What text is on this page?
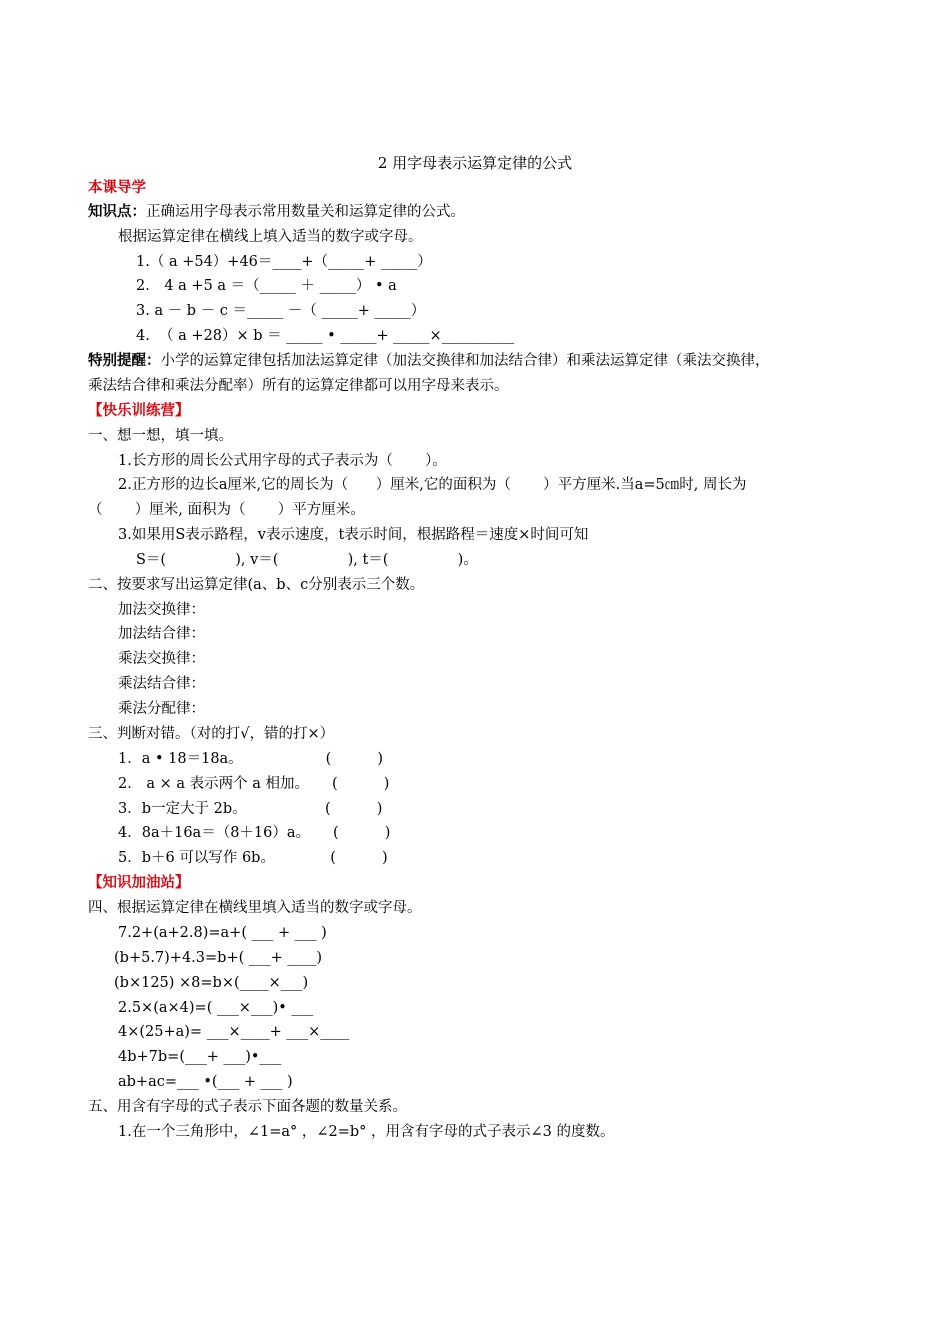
2 用字母表示运算定律的公式
本课导学
知识点：正确运用字母表示常用数量关和运算定律的公式。
根据运算定律在横线上填入适当的数字或字母。
1.（ a +54）+46＝____+（_____+ _____）
2． 4 a +5 a ＝（_____ ＋ _____） • a
3. a － b － c ＝_____ －（ _____+ _____）
4.  （ a +28）× b ＝ _____ • _____+ _____×__________
特别提醒：小学的运算定律包括加法运算定律（加法交换律和加法结合律）和乘法运算定律（乘法交换律，
乘法结合律和乘法分配率）所有的运算定律都可以用字母来表示。
【快乐训练营】
一、想一想，填一填。
1.长方形的周长公式用字母的式子表示为（       ）。
2.正方形的边长a厘米,它的周长为（      ）厘米,它的面积为（       ）平方厘米.当a=5㎝时, 周长为
（       ）厘米, 面积为（       ）平方厘米。
3.如果用S表示路程，v表示速度，t表示时间，根据路程＝速度×时间可知
S＝(               ), v＝(               ), t＝(               )。
二、按要求写出运算定律(a、b、c分别表示三个数。
加法交换律：
加法结合律：
乘法交换律：
乘法结合律：
乘法分配律：
三、判断对错。（对的打√，错的打×）
1．a • 18＝18a。                  (          )
2． a × a 表示两个 a 相加。     (          )
3．b一定大于 2b。                 (          )
4．8a＋16a＝（8＋16）a。     (          )
5．b＋6 可以写作 6b。            (          )
【知识加油站】
四、根据运算定律在横线里填入适当的数字或字母。
7.2+(a+2.8)=a+( ___ + ___ )
(b+5.7)+4.3=b+( ___+ ____)
(b×125) ×8=b×(____×___)
2.5×(a×4)=( ___×___)• ___
4×(25+a)= ___×____+ ___×____
4b+7b=(___+ ___)•___
ab+ac=___ •(___ + ___ )
五、用含有字母的式子表示下面各题的数量关系。
1.在一个三角形中，∠1=a° ，∠2=b° ，用含有字母的式子表示∠3 的度数。
